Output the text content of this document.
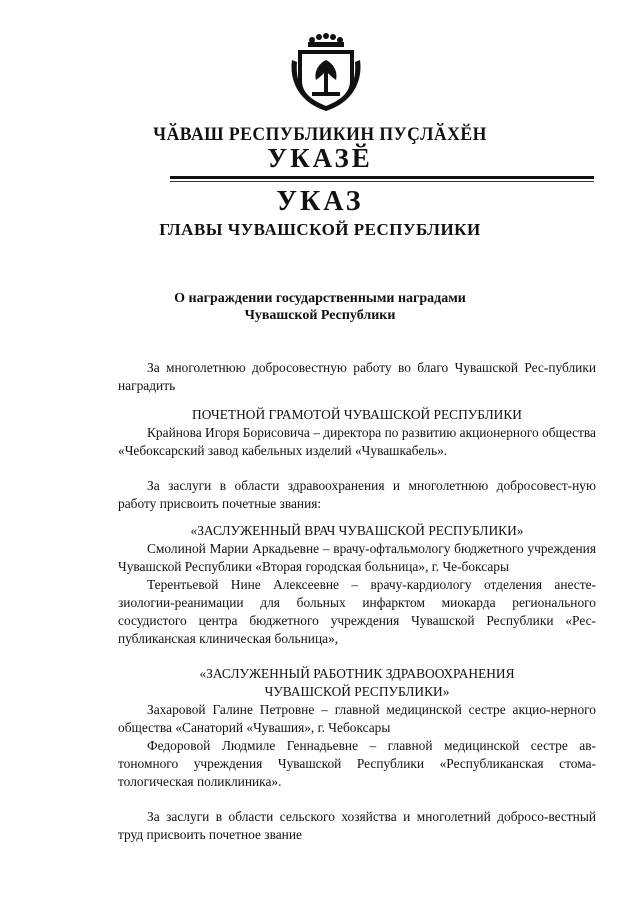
ЧӐВАШ РЕСПУБЛИКИН ПУҪЛӐХӖН
УКАЗӖ
УКАЗ
ГЛАВЫ ЧУВАШСКОЙ РЕСПУБЛИКИ
О награждении государственными наградами
Чувашской Республики

За многолетнюю добросовестную работу во благо Чувашской Рес-публики наградить

ПОЧЕТНОЙ ГРАМОТОЙ ЧУВАШСКОЙ РЕСПУБЛИКИ

Крайнова Игоря Борисовича – директора по развитию акционерного общества «Чебоксарский завод кабельных изделий «Чувашкабель».

За заслуги в области здравоохранения и многолетнюю добросовест-ную работу присвоить почетные звания:

«ЗАСЛУЖЕННЫЙ ВРАЧ ЧУВАШСКОЙ РЕСПУБЛИКИ»

Смолиной Марии Аркадьевне – врачу-офтальмологу бюджетного учреждения Чувашской Республики «Вторая городская больница», г. Че-боксары

Терентьевой Нине Алексеевне – врачу-кардиологу отделения анесте-зиологии-реанимации для больных инфарктом миокарда регионального сосудистого центра бюджетного учреждения Чувашской Республики «Рес-публиканская клиническая больница»,

«ЗАСЛУЖЕННЫЙ РАБОТНИК ЗДРАВООХРАНЕНИЯ

ЧУВАШСКОЙ РЕСПУБЛИКИ»

Захаровой Галине Петровне – главной медицинской сестре акцио-нерного общества «Санаторий «Чувашия», г. Чебоксары

Федоровой Людмиле Геннадьевне – главной медицинской сестре ав-тономного учреждения Чувашской Республики «Республиканская стома-тологическая поликлиника».

За заслуги в области сельского хозяйства и многолетний добросо-вестный труд присвоить почетное звание
